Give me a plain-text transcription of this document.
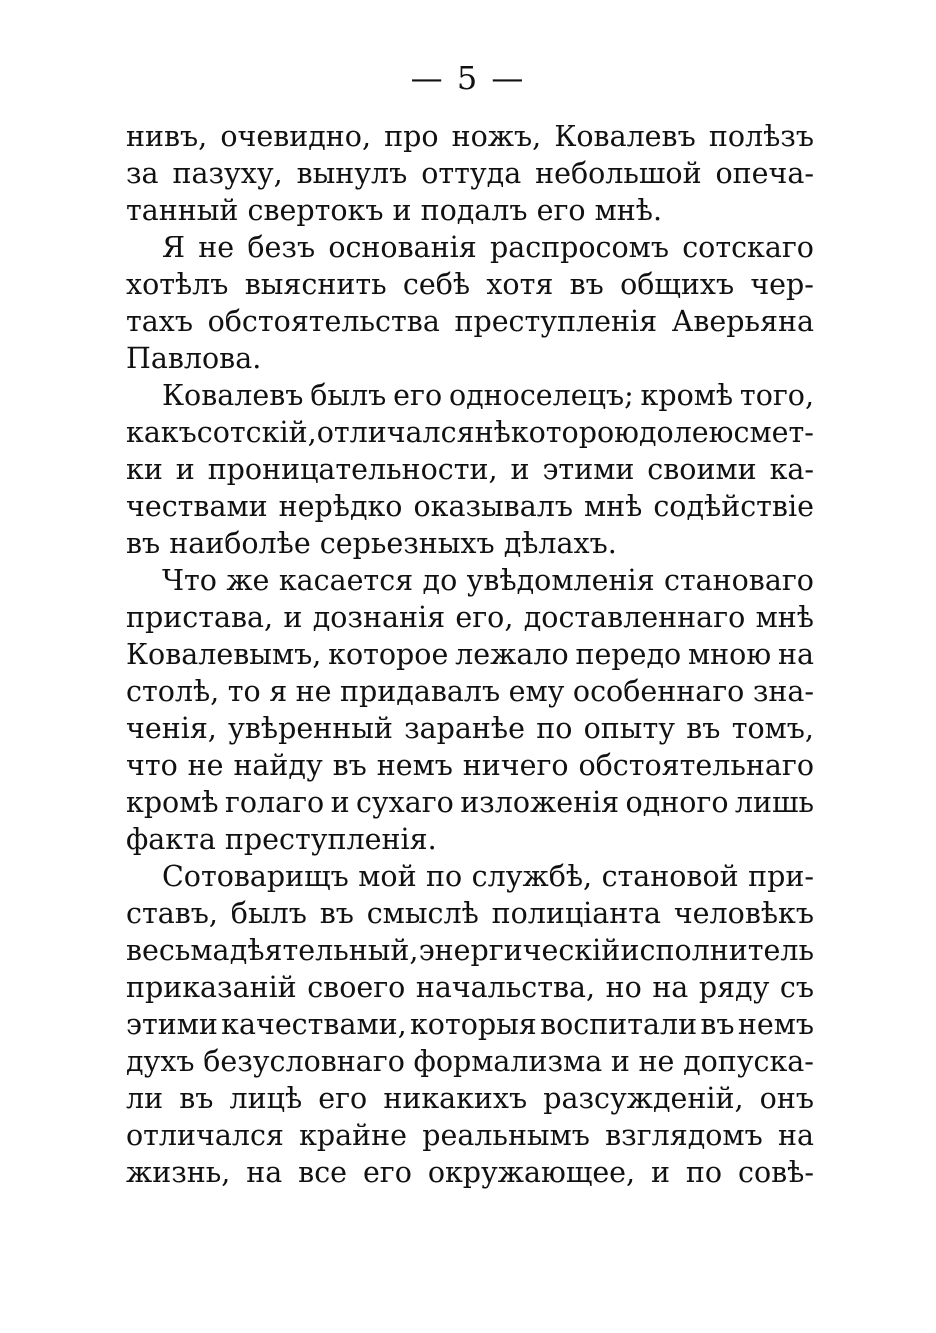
— 5 —
нивъ, очевидно, про ножъ, Ковалевъ полѣзъ
за пазуху, вынулъ оттуда небольшой опеча-
танный свертокъ и подалъ его мнѣ.
Я не безъ основанія распросомъ сотскаго
хотѣлъ выяснить себѣ хотя въ общихъ чер-
тахъ обстоятельства преступленія Аверьяна
Павлова.
Ковалевъ былъ его односелецъ; кромѣ того,
какъ сотскій, отличался нѣкоторою долею смет-
ки и проницательности, и этими своими ка-
чествами нерѣдко оказывалъ мнѣ содѣйствіе
въ наиболѣе серьезныхъ дѣлахъ.
Что же касается до увѣдомленія становаго
пристава, и дознанія его, доставленнаго мнѣ
Ковалевымъ, которое лежало передо мною на
столѣ, то я не придавалъ ему особеннаго зна-
ченія, увѣренный заранѣе по опыту въ томъ,
что не найду въ немъ ничего обстоятельнаго
кромѣ голаго и сухаго изложенія одного лишь
факта преступленія.
Сотоварищъ мой по службѣ, становой при-
ставъ, былъ въ смыслѣ полиціанта человѣкъ
весьма дѣятельный, энергическій исполнитель
приказаній своего начальства, но на ряду съ
этими качествами, которыя воспитали въ немъ
духъ безусловнаго формализма и не допуска-
ли въ лицѣ его никакихъ разсужденій, онъ
отличался крайне реальнымъ взглядомъ на
жизнь, на все его окружающее, и по совѣ-
